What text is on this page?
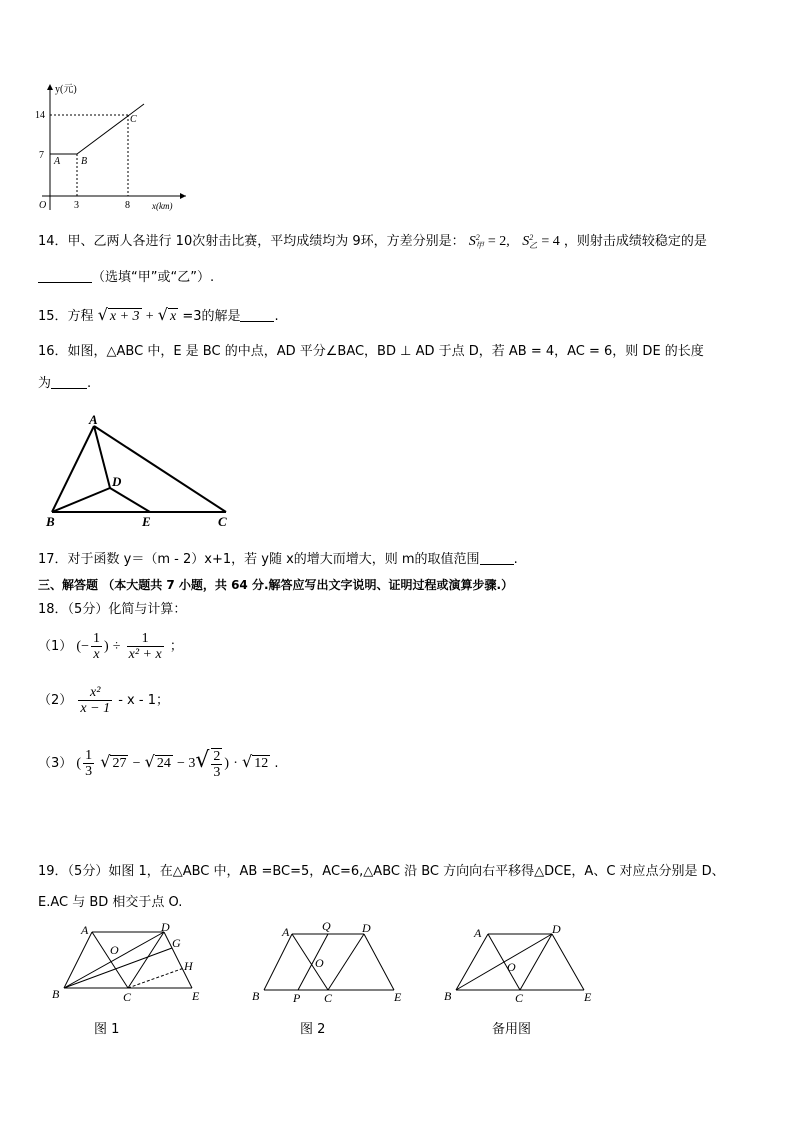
y(元)
14
7
A B
C
O	3	8 x(km)
14．甲、乙两人各进行 10次射击比赛，平均成绩均为 9环，方差分别是： S 2
甲 = 2, S 2
乙 = 4 ，则射击成绩较稳定的是
（选填“甲”或“乙”）.
15．方程 √ x + 3 + √ x =3的解是	.
16．如图，△ABC 中，E 是 BC 的中点，AD 平分∠BAC，BD ⊥ AD 于点 D，若 AB = 4，AC = 6，则 DE 的长度
为	.
A
D
B	E	C
17．对于函数 y＝（m - 2）x+1，若 y随 x的增大而增大，则 m的取值范围	.
三、解答题 （本大题共 7 小题，共 64 分.解答应写出文字说明、证明过程或演算步骤.）
18．（5分）化简与计算：
（1） (− $\frac{1}{x}$ ) ÷ $\frac{1}{\text{x² + x}}$ ；
$(2) \frac{\text{x²}}{x - 1}$ - x - 1；
（3） ( $\frac{1}{3}$ √ 27 − √ $24 - 3√ \frac{2}{3}$ ) · √ 12 .
19．（5分）如图 1，在△ABC 中，AB =BC=5，AC=6,△ABC 沿 BC 方向向右平移得△DCE，A、C 对应点分别是 D、
E.AC 与 BD 相交于点 O.
A	D
G
H
O
B	C	E
A	Q	D
O
B	P C	E
A	D
O
B	C	E
图 1	图 2	备用图
